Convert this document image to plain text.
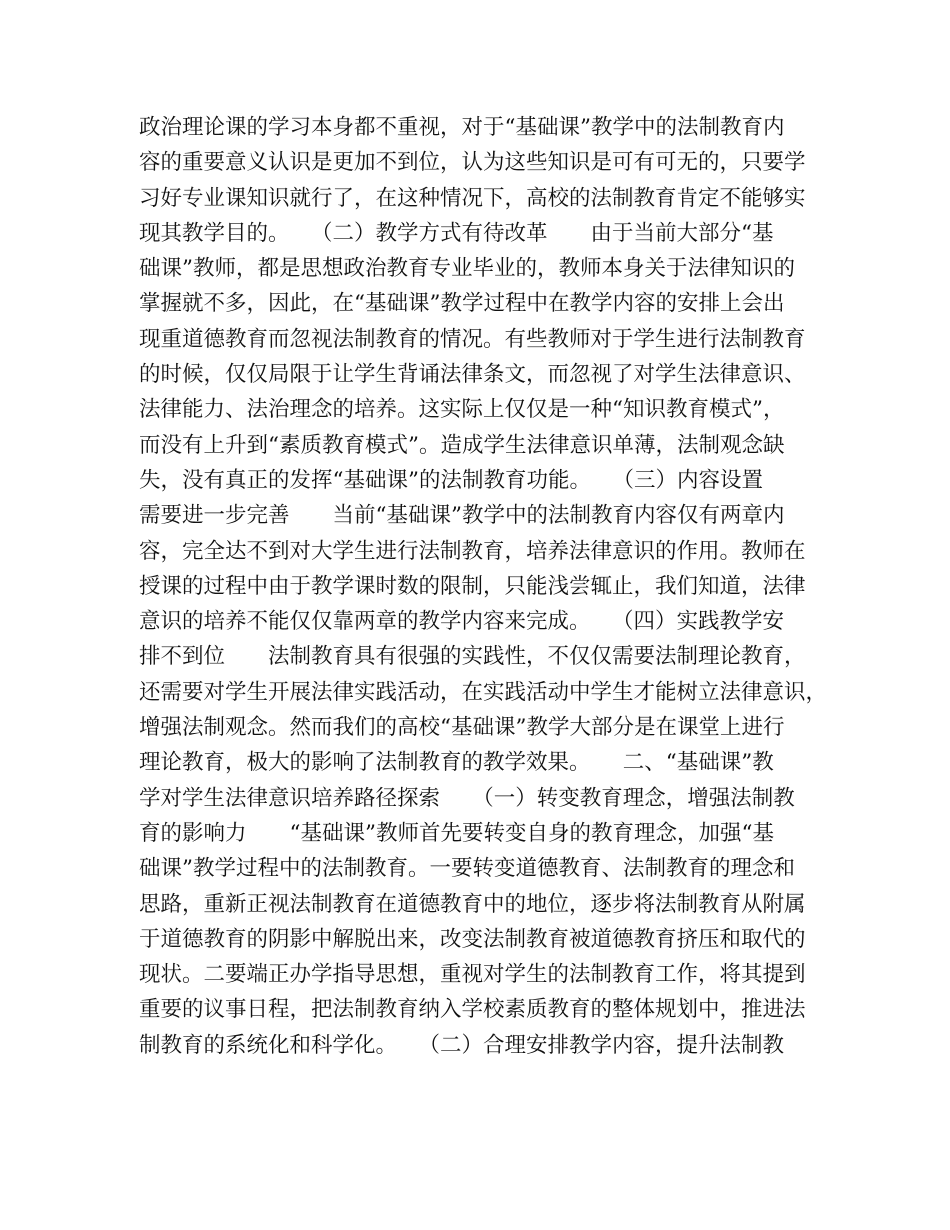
政治理论课的学习本身都不重视，对于“基础课”教学中的法制教育内
容的重要意义认识是更加不到位，认为这些知识是可有可无的，只要学
习好专业课知识就行了，在这种情况下，高校的法制教育肯定不能够实
现其教学目的。　　（二）教学方式有待改革　　由于当前大部分“基
础课”教师，都是思想政治教育专业毕业的，教师本身关于法律知识的
掌握就不多，因此，在“基础课”教学过程中在教学内容的安排上会出
现重道德教育而忽视法制教育的情况。有些教师对于学生进行法制教育
的时候，仅仅局限于让学生背诵法律条文，而忽视了对学生法律意识、
法律能力、法治理念的培养。这实际上仅仅是一种“知识教育模式”，
而没有上升到“素质教育模式”。造成学生法律意识单薄，法制观念缺
失，没有真正的发挥“基础课”的法制教育功能。　　（三）内容设置
需要进一步完善　　当前“基础课”教学中的法制教育内容仅有两章内
容，完全达不到对大学生进行法制教育，培养法律意识的作用。教师在
授课的过程中由于教学课时数的限制，只能浅尝辄止，我们知道，法律
意识的培养不能仅仅靠两章的教学内容来完成。　　（四）实践教学安
排不到位　　法制教育具有很强的实践性，不仅仅需要法制理论教育，
还需要对学生开展法律实践活动，在实践活动中学生才能树立法律意识，
增强法制观念。然而我们的高校“基础课”教学大部分是在课堂上进行
理论教育，极大的影响了法制教育的教学效果。　　二、“基础课”教
学对学生法律意识培养路径探索　　（一）转变教育理念，增强法制教
育的影响力　　“基础课”教师首先要转变自身的教育理念，加强“基
础课”教学过程中的法制教育。一要转变道德教育、法制教育的理念和
思路，重新正视法制教育在道德教育中的地位，逐步将法制教育从附属
于道德教育的阴影中解脱出来，改变法制教育被道德教育挤压和取代的
现状。二要端正办学指导思想，重视对学生的法制教育工作，将其提到
重要的议事日程，把法制教育纳入学校素质教育的整体规划中，推进法
制教育的系统化和科学化。　　（二）合理安排教学内容，提升法制教
